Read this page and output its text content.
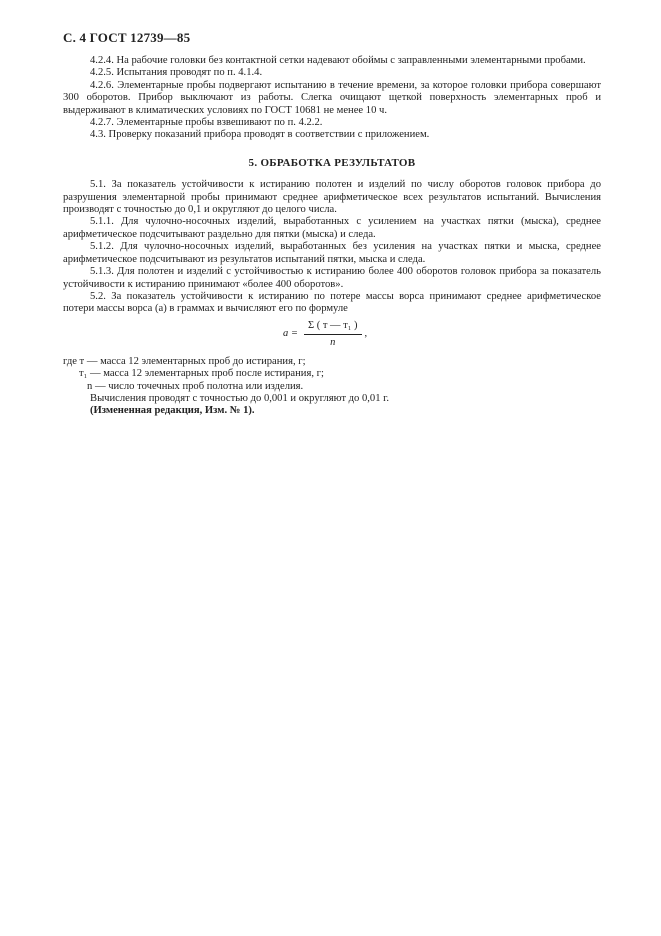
С. 4 ГОСТ 12739—85

4.2.4. На рабочие головки без контактной сетки надевают обоймы с заправленными элементарными пробами.

4.2.5. Испытания проводят по п. 4.1.4.

4.2.6. Элементарные пробы подвергают испытанию в течение времени, за которое головки прибора совершают 300 оборотов. Прибор выключают из работы. Слегка очищают щеткой поверхность элементарных проб и выдерживают в климатических условиях по ГОСТ 10681 не менее 10 ч.

4.2.7. Элементарные пробы взвешивают по п. 4.2.2.

4.3. Проверку показаний прибора проводят в соответствии с приложением.

5. ОБРАБОТКА РЕЗУЛЬТАТОВ

5.1. За показатель устойчивости к истиранию полотен и изделий по числу оборотов головок прибора до разрушения элементарной пробы принимают среднее арифметическое всех результатов испытаний. Вычисления производят с точностью до 0,1 и округляют до целого числа.

5.1.1. Для чулочно-носочных изделий, выработанных с усилением на участках пятки (мыска), среднее арифметическое подсчитывают раздельно для пятки (мыска) и следа.

5.1.2. Для чулочно-носочных изделий, выработанных без усиления на участках пятки и мыска, среднее арифметическое подсчитывают из результатов испытаний пятки, мыска и следа.

5.1.3. Для полотен и изделий с устойчивостью к истиранию более 400 оборотов головок прибора за показатель устойчивости к истиранию принимают «более 400 оборотов».

5.2. За показатель устойчивости к истиранию по потере массы ворса принимают среднее арифметическое потери массы ворса (а) в граммах и вычисляют его по формуле

$а = \frac{\text{Σ ( т — т₁ )}}{n}$ ,

где т — масса 12 элементарных проб до истирания, г;

т₁ — масса 12 элементарных проб после истирания, г;

n — число точечных проб полотна или изделия.

Вычисления проводят с точностью до 0,001 и округляют до 0,01 г.

(Измененная редакция, Изм. № 1).
